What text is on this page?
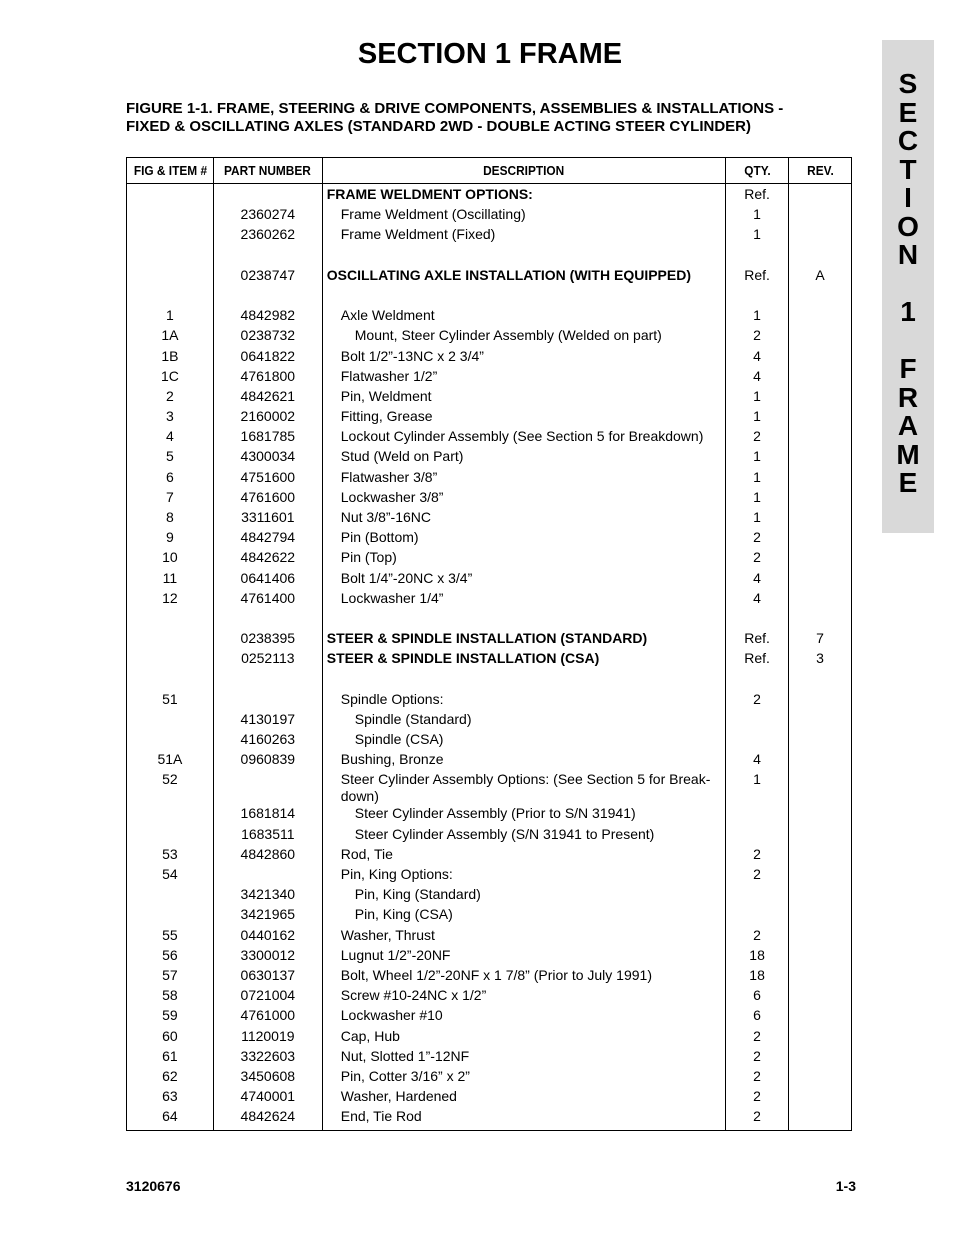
SECTION 1 FRAME
FIGURE 1-1. FRAME, STEERING & DRIVE COMPONENTS, ASSEMBLIES & INSTALLATIONS -
FIXED & OSCILLATING AXLES (STANDARD 2WD - DOUBLE ACTING STEER CYLINDER)
S
E
C
T
I
O
N

1

F
R
A
M
E
FIG & ITEM #	PART NUMBER	DESCRIPTION	QTY.	REV.
		FRAME WELDMENT OPTIONS:	Ref.	
	2360274	Frame Weldment (Oscillating)	1	
	2360262	Frame Weldment (Fixed)	1	

	0238747	OSCILLATING AXLE INSTALLATION (WITH EQUIPPED)	Ref.	A

1	4842982	Axle Weldment	1	
1A	0238732	Mount, Steer Cylinder Assembly (Welded on part)	2	
1B	0641822	Bolt 1/2”-13NC x 2 3/4”	4	
1C	4761800	Flatwasher 1/2”	4	
2	4842621	Pin, Weldment	1	
3	2160002	Fitting, Grease	1	
4	1681785	Lockout Cylinder Assembly (See Section 5 for Breakdown)	2	
5	4300034	Stud (Weld on Part)	1	
6	4751600	Flatwasher 3/8”	1	
7	4761600	Lockwasher 3/8”	1	
8	3311601	Nut 3/8”-16NC	1	
9	4842794	Pin (Bottom)	2	
10	4842622	Pin (Top)	2	
11	0641406	Bolt 1/4”-20NC x 3/4”	4	
12	4761400	Lockwasher 1/4”	4	

	0238395	STEER & SPINDLE INSTALLATION (STANDARD)	Ref.	7
	0252113	STEER & SPINDLE INSTALLATION (CSA)	Ref.	3

51		Spindle Options:	2	
	4130197	Spindle (Standard)		
	4160263	Spindle (CSA)		
51A	0960839	Bushing, Bronze	4	
52		Steer Cylinder Assembly Options: (See Section 5 for Break-down)	1	
	1681814	Steer Cylinder Assembly (Prior to S/N 31941)		
	1683511	Steer Cylinder Assembly (S/N 31941 to Present)		
53	4842860	Rod, Tie	2	
54		Pin, King Options:	2	
	3421340	Pin, King (Standard)		
	3421965	Pin, King (CSA)		
55	0440162	Washer, Thrust	2	
56	3300012	Lugnut 1/2”-20NF	18	
57	0630137	Bolt, Wheel 1/2”-20NF x 1 7/8” (Prior to July 1991)	18	
58	0721004	Screw #10-24NC x 1/2”	6	
59	4761000	Lockwasher #10	6	
60	1120019	Cap, Hub	2	
61	3322603	Nut, Slotted 1”-12NF	2	
62	3450608	Pin, Cotter 3/16” x 2”	2	
63	4740001	Washer, Hardened	2	
64	4842624	End, Tie Rod	2	
3120676	1-3
